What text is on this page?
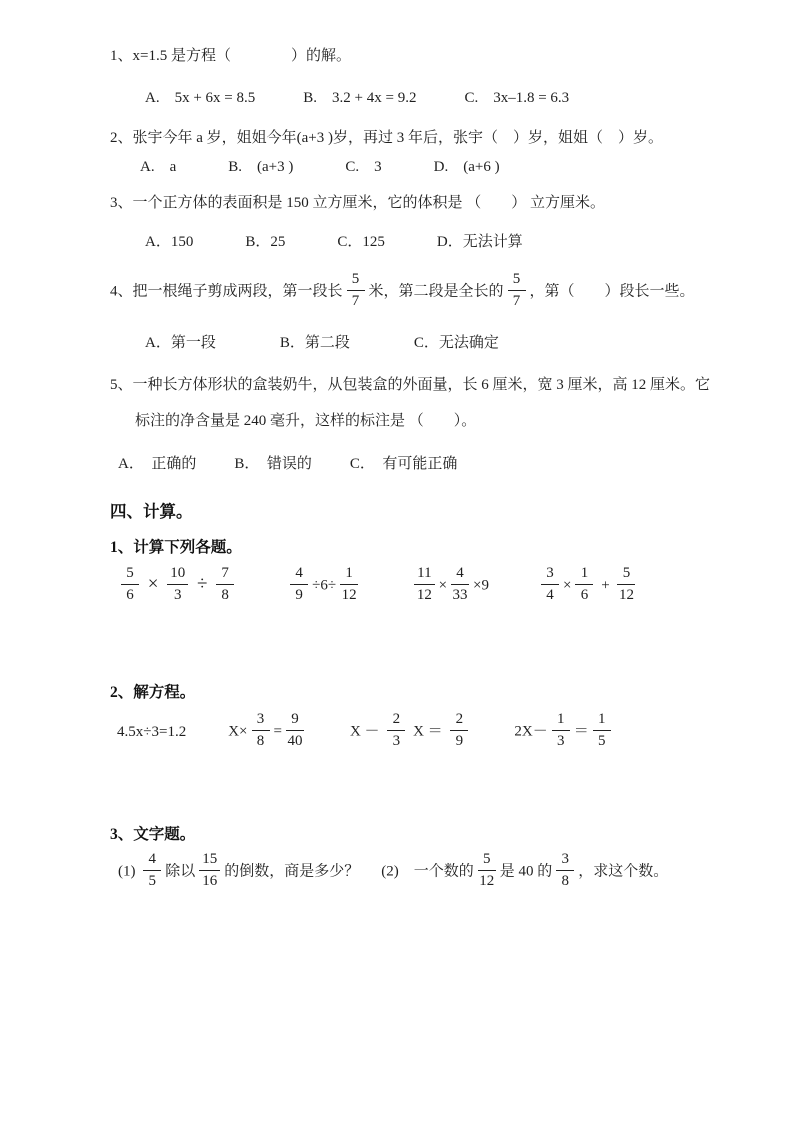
1、x=1.5 是方程（　　　　）的解。
A.　5x + 6x = 8.5	B.　3.2 + 4x = 9.2	C.　3x–1.8 = 6.3
2、张宇今年 a 岁，姐姐今年(a+3 )岁，再过 3 年后，张宇（　）岁，姐姐（　）岁。
A.　a	B.　(a+3 )	C.　3	D.　(a+6 )
3、一个正方体的表面积是 150 立方厘米，它的体积是 （　　） 立方厘米。
A．150	B．25	C．125	D．无法计算
4、把一根绳子剪成两段，第一段长 $\frac{5}{7}$ 米，第二段是全长的 $\frac{5}{7}$ ，第（　　）段长一些。
A．第一段	B．第二段	C．无法确定
5、一种长方体形状的盒装奶牛，从包装盒的外面量，长 6 厘米，宽 3 厘米，高 12 厘米。它
标注的净含量是 240 毫升，这样的标注是 （　　）。
A．  正确的	B．  错误的	C．  有可能正确
四、计算。
1、计算下列各题。
$\frac{5}{6} \times \frac{10}{3} \div \frac{7}{8}$	$\frac{4}{9} \div 6\div \frac{1}{12}$	$\frac{11}{12} \times \frac{4}{33} \times 9$	$\frac{3}{4} \times \frac{1}{6} + \frac{5}{12}$
2、解方程。
4.5x÷3=1.2	$X\times \frac{3}{8} = \frac{9}{40}$	$X - \frac{2}{3}$ $X = \frac{2}{9}$	$2X- \frac{1}{3} = \frac{1}{5}$
3、文字题。
$(1) \frac{4}{5}$ 除以 $\frac{15}{16}$ 的倒数，商是多少？ (2)　一个数的 $\frac{5}{12}$ 是 40 的 $\frac{3}{8}$ ，求这个数。
